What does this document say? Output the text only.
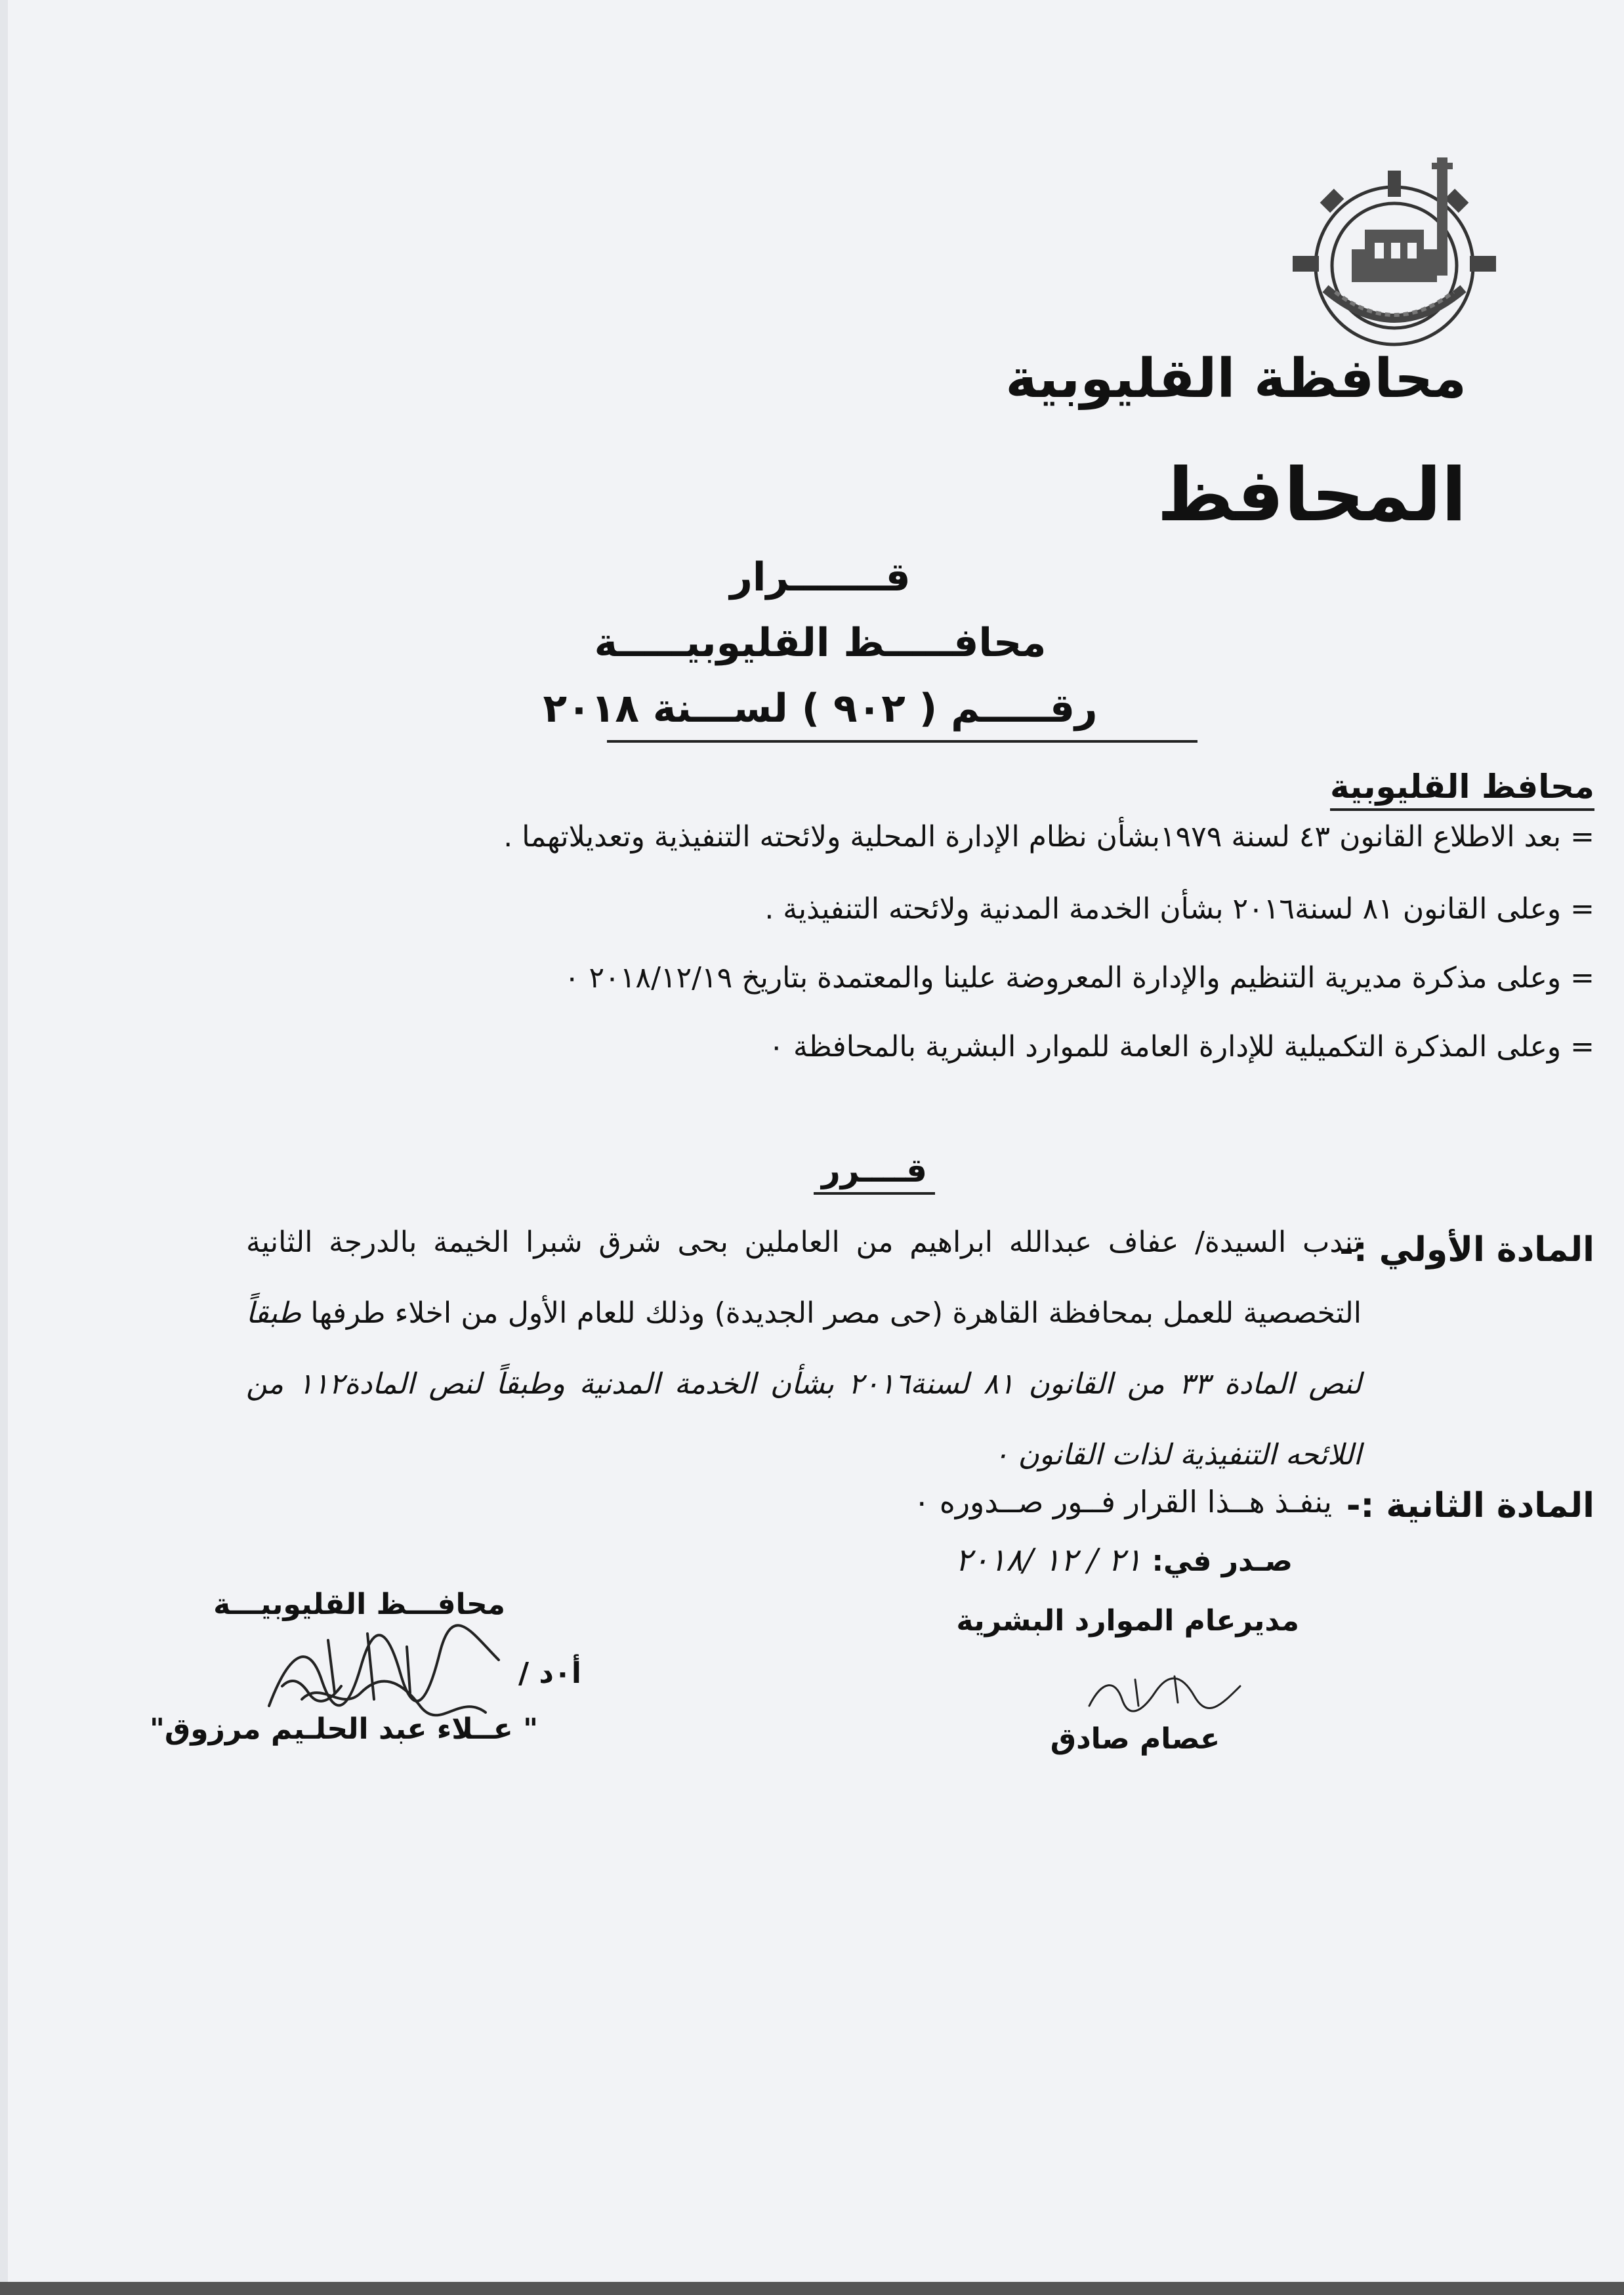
محافظة القليوبية
المحافظ
قـــــــرار
محافـــــظ القليوبيـــــة
رقـــــم ( ٩٠٢ ) لســـنة ٢٠١٨
محافظ القليوبية
= بعد الاطلاع القانون ٤٣ لسنة ١٩٧٩بشأن نظام الإدارة المحلية ولائحته التنفيذية وتعديلاتهما .
= وعلى القانون ٨١ لسنة٢٠١٦ بشأن الخدمة المدنية ولائحته التنفيذية .
= وعلى مذكرة مديرية التنظيم والإدارة المعروضة علينا والمعتمدة بتاريخ ٢٠١٨/١٢/١٩ ٠
= وعلى المذكرة التكميلية للإدارة العامة للموارد البشرية بالمحافظة ٠
قــــرر
المادة الأولي :-
تندب السيدة/ عفاف عبدالله ابراهيم من العاملين بحى شرق شبرا الخيمة بالدرجة الثانية التخصصية للعمل بمحافظة القاهرة (حى مصر الجديدة) وذلك للعام الأول من اخلاء طرفها طبقاً لنص المادة ٣٣ من القانون ٨١ لسنة٢٠١٦ بشأن الخدمة المدنية وطبقاً لنص المادة١١٢ من اللائحه التنفيذية لذات القانون ٠
المادة الثانية :-
ينفـذ هــذا القرار فــور صــدوره ٠
صـدر في: ٢١ / ١٢ /٢٠١٨
محافـــظ القليوبيـــة
أ٠د /
" عــلاء عبد الحلـيم مرزوق"
مديرعام الموارد البشرية
عصام صادق
